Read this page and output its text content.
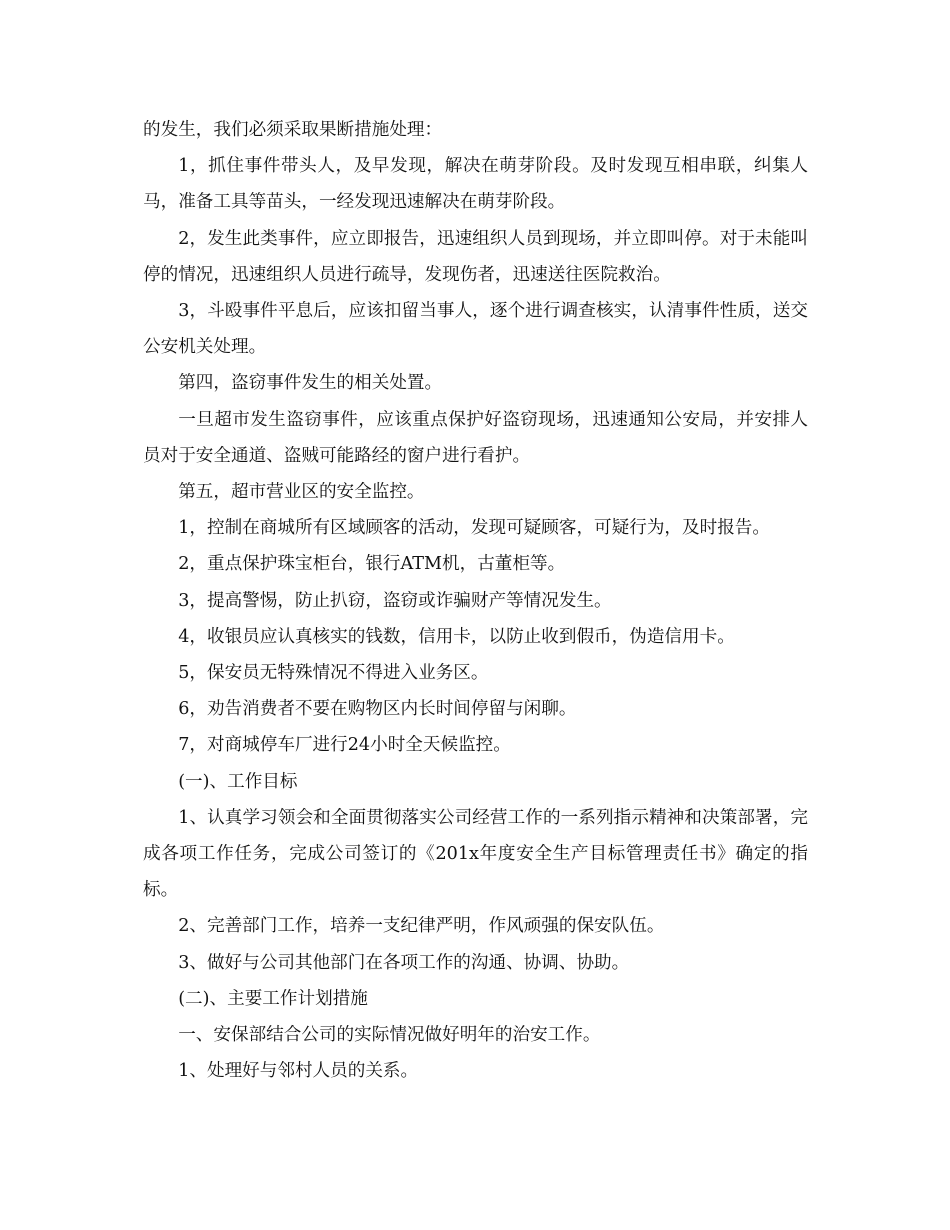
的发生，我们必须采取果断措施处理：

1，抓住事件带头人，及早发现，解决在萌芽阶段。及时发现互相串联，纠集人马，准备工具等苗头，一经发现迅速解决在萌芽阶段。

2，发生此类事件，应立即报告，迅速组织人员到现场，并立即叫停。对于未能叫停的情况，迅速组织人员进行疏导，发现伤者，迅速送往医院救治。

3，斗殴事件平息后，应该扣留当事人，逐个进行调查核实，认清事件性质，送交公安机关处理。

第四，盗窃事件发生的相关处置。

一旦超市发生盗窃事件，应该重点保护好盗窃现场，迅速通知公安局，并安排人员对于安全通道、盗贼可能路经的窗户进行看护。

第五，超市营业区的安全监控。

1，控制在商城所有区域顾客的活动，发现可疑顾客，可疑行为，及时报告。

2，重点保护珠宝柜台，银行ATM机，古董柜等。

3，提高警惕，防止扒窃，盗窃或诈骗财产等情况发生。

4，收银员应认真核实的钱数，信用卡，以防止收到假币，伪造信用卡。

5，保安员无特殊情况不得进入业务区。

6，劝告消费者不要在购物区内长时间停留与闲聊。

7，对商城停车厂进行24小时全天候监控。

(一)、工作目标

1、认真学习领会和全面贯彻落实公司经营工作的一系列指示精神和决策部署，完成各项工作任务，完成公司签订的《201x年度安全生产目标管理责任书》确定的指标。

2、完善部门工作，培养一支纪律严明，作风顽强的保安队伍。

3、做好与公司其他部门在各项工作的沟通、协调、协助。

(二)、主要工作计划措施

一、安保部结合公司的实际情况做好明年的治安工作。

1、处理好与邻村人员的关系。
